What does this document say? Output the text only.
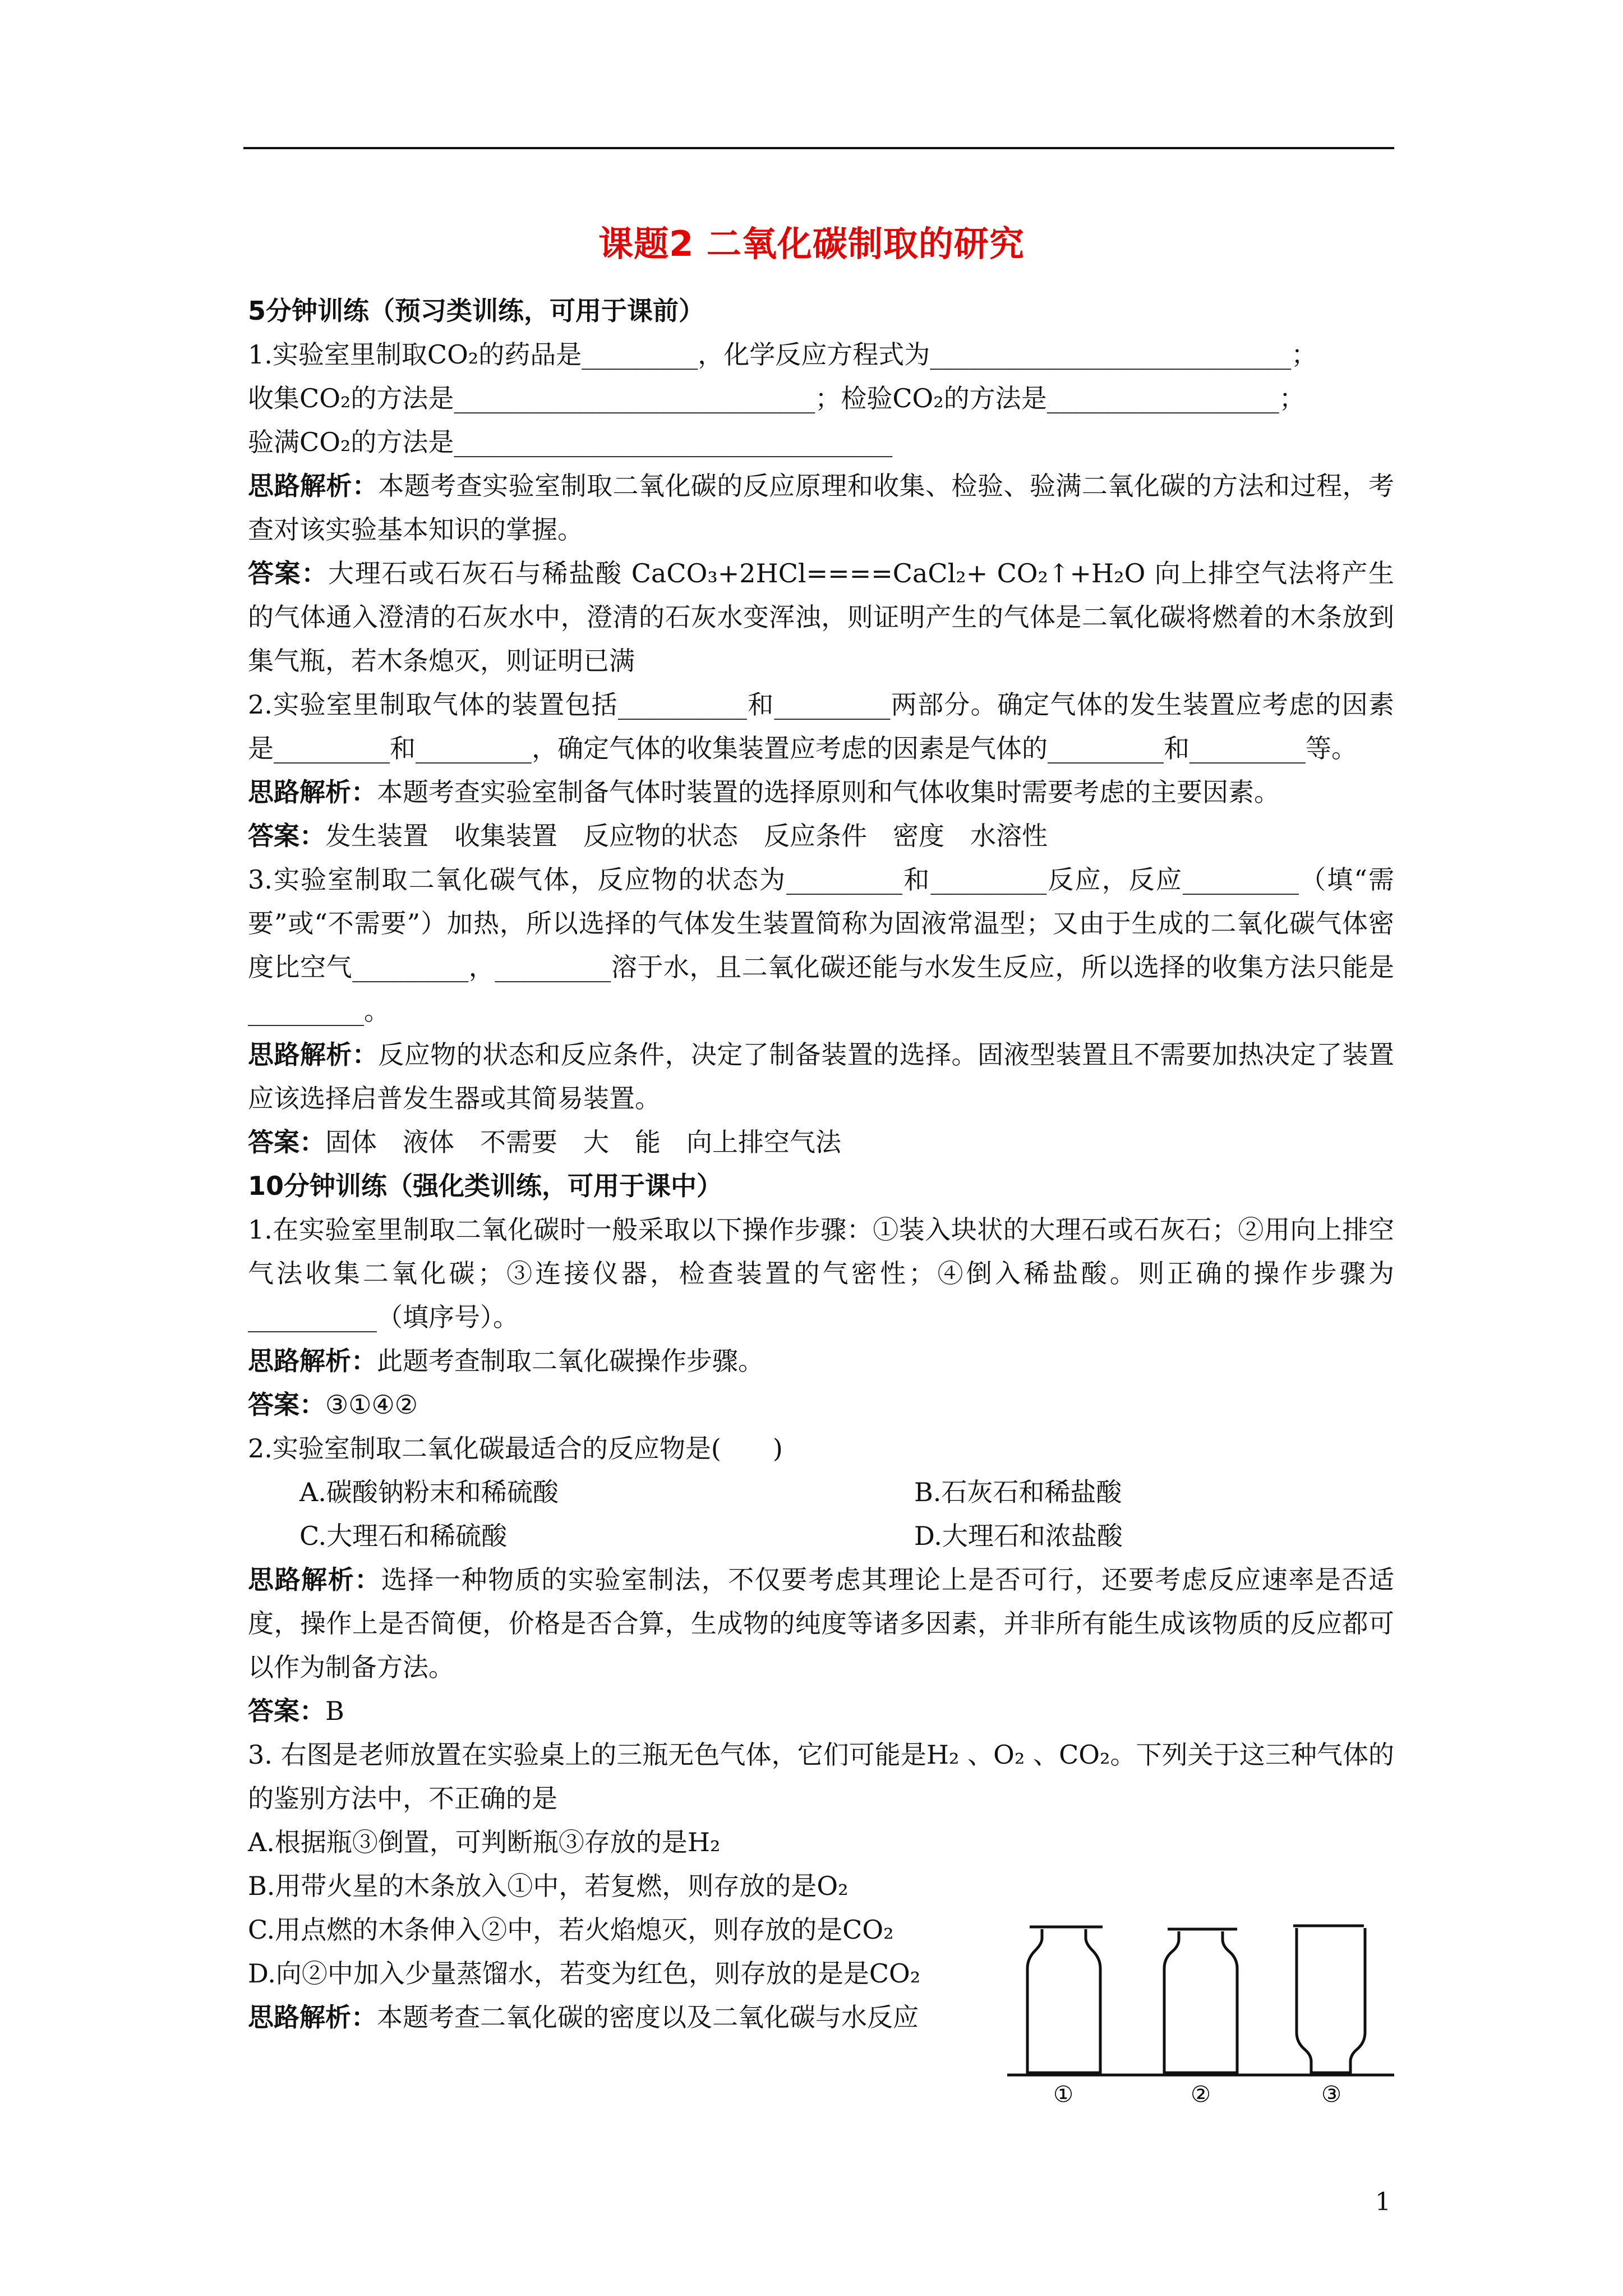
课题2 二氧化碳制取的研究

5分钟训练（预习类训练，可用于课前）

1.实验室里制取CO₂的药品是_________，化学反应方程式为____________________________；

收集CO₂的方法是____________________________；检验CO₂的方法是__________________；

验满CO₂的方法是__________________________________

思路解析：本题考查实验室制取二氧化碳的反应原理和收集、检验、验满二氧化碳的方法和过程，考查对该实验基本知识的掌握。

答案：大理石或石灰石与稀盐酸 CaCO₃+2HCl====CaCl₂+ CO₂↑+H₂O 向上排空气法将产生的气体通入澄清的石灰水中，澄清的石灰水变浑浊，则证明产生的气体是二氧化碳将燃着的木条放到集气瓶，若木条熄灭，则证明已满

2.实验室里制取气体的装置包括__________和_________两部分。确定气体的发生装置应考虑的因素是_________和_________，确定气体的收集装置应考虑的因素是气体的_________和_________等。

思路解析：本题考查实验室制备气体时装置的选择原则和气体收集时需要考虑的主要因素。

答案：发生装置　收集装置　反应物的状态　反应条件　密度　水溶性

3.实验室制取二氧化碳气体，反应物的状态为_________和_________反应，反应_________（填“需要”或“不需要”）加热，所以选择的气体发生装置简称为固液常温型；又由于生成的二氧化碳气体密度比空气_________，_________溶于水，且二氧化碳还能与水发生反应，所以选择的收集方法只能是_________。

思路解析：反应物的状态和反应条件，决定了制备装置的选择。固液型装置且不需要加热决定了装置应该选择启普发生器或其简易装置。

答案：固体　液体　不需要　大　能　向上排空气法

10分钟训练（强化类训练，可用于课中）

1.在实验室里制取二氧化碳时一般采取以下操作步骤：①装入块状的大理石或石灰石；②用向上排空气法收集二氧化碳；③连接仪器，检查装置的气密性；④倒入稀盐酸。则正确的操作步骤为__________（填序号）。

思路解析：此题考查制取二氧化碳操作步骤。

答案：③①④②

2.实验室制取二氧化碳最适合的反应物是(　　)

A.碳酸钠粉末和稀硫酸	B.石灰石和稀盐酸
C.大理石和稀硫酸	D.大理石和浓盐酸

思路解析：选择一种物质的实验室制法，不仅要考虑其理论上是否可行，还要考虑反应速率是否适度，操作上是否简便，价格是否合算，生成物的纯度等诸多因素，并非所有能生成该物质的反应都可以作为制备方法。

答案：B

3. 右图是老师放置在实验桌上的三瓶无色气体，它们可能是H₂ 、O₂ 、CO₂。下列关于这三种气体的的鉴别方法中，不正确的是

A.根据瓶③倒置，可判断瓶③存放的是H₂

B.用带火星的木条放入①中，若复燃，则存放的是O₂

C.用点燃的木条伸入②中，若火焰熄灭，则存放的是CO₂

D.向②中加入少量蒸馏水，若变为红色，则存放的是是CO₂

①	②	③

思路解析：本题考查二氧化碳的密度以及二氧化碳与水反应

1
